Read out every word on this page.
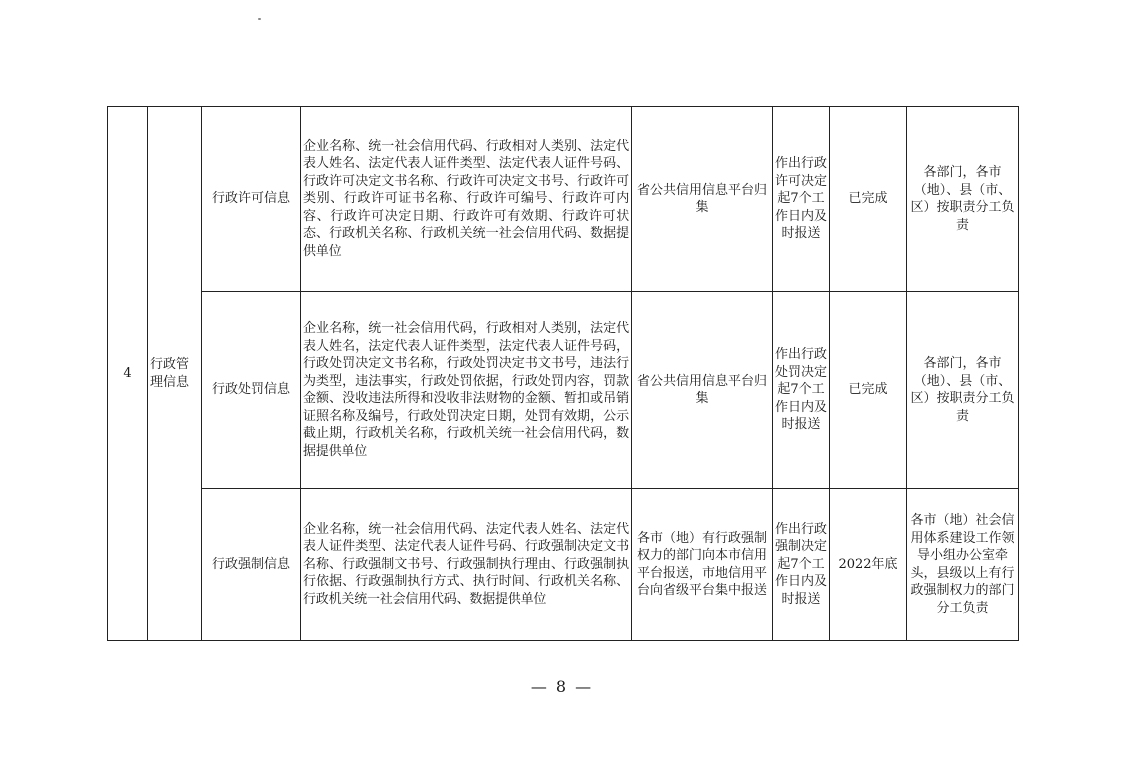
4	行政管理信息	行政许可信息	企业名称、统一社会信用代码、行政相对人类别、法定代表人姓名、法定代表人证件类型、法定代表人证件号码、行政许可决定文书名称、行政许可决定文书号、行政许可类别、行政许可证书名称、行政许可编号、行政许可内容、行政许可决定日期、行政许可有效期、行政许可状态、行政机关名称、行政机关统一社会信用代码、数据提供单位	省公共信用信息平台归集	作出行政许可决定起7个工作日内及时报送	已完成	各部门，各市（地）、县（市、区）按职责分工负责
		行政处罚信息	企业名称，统一社会信用代码，行政相对人类别，法定代表人姓名，法定代表人证件类型，法定代表人证件号码，行政处罚决定文书名称，行政处罚决定书文书号，违法行为类型，违法事实，行政处罚依据，行政处罚内容，罚款金额、没收违法所得和没收非法财物的金额、暂扣或吊销证照名称及编号，行政处罚决定日期，处罚有效期，公示截止期，行政机关名称，行政机关统一社会信用代码，数据提供单位	省公共信用信息平台归集	作出行政处罚决定起7个工作日内及时报送	已完成	各部门，各市（地）、县（市、区）按职责分工负责
		行政强制信息	企业名称，统一社会信用代码、法定代表人姓名、法定代表人证件类型、法定代表人证件号码、行政强制决定文书名称、行政强制文书号、行政强制执行理由、行政强制执行依据、行政强制执行方式、执行时间、行政机关名称、行政机关统一社会信用代码、数据提供单位	各市（地）有行政强制权力的部门向本市信用平台报送，市地信用平台向省级平台集中报送	作出行政强制决定起7个工作日内及时报送	2022年底	各市（地）社会信用体系建设工作领导小组办公室牵头，县级以上有行政强制权力的部门分工负责
— 8 —
